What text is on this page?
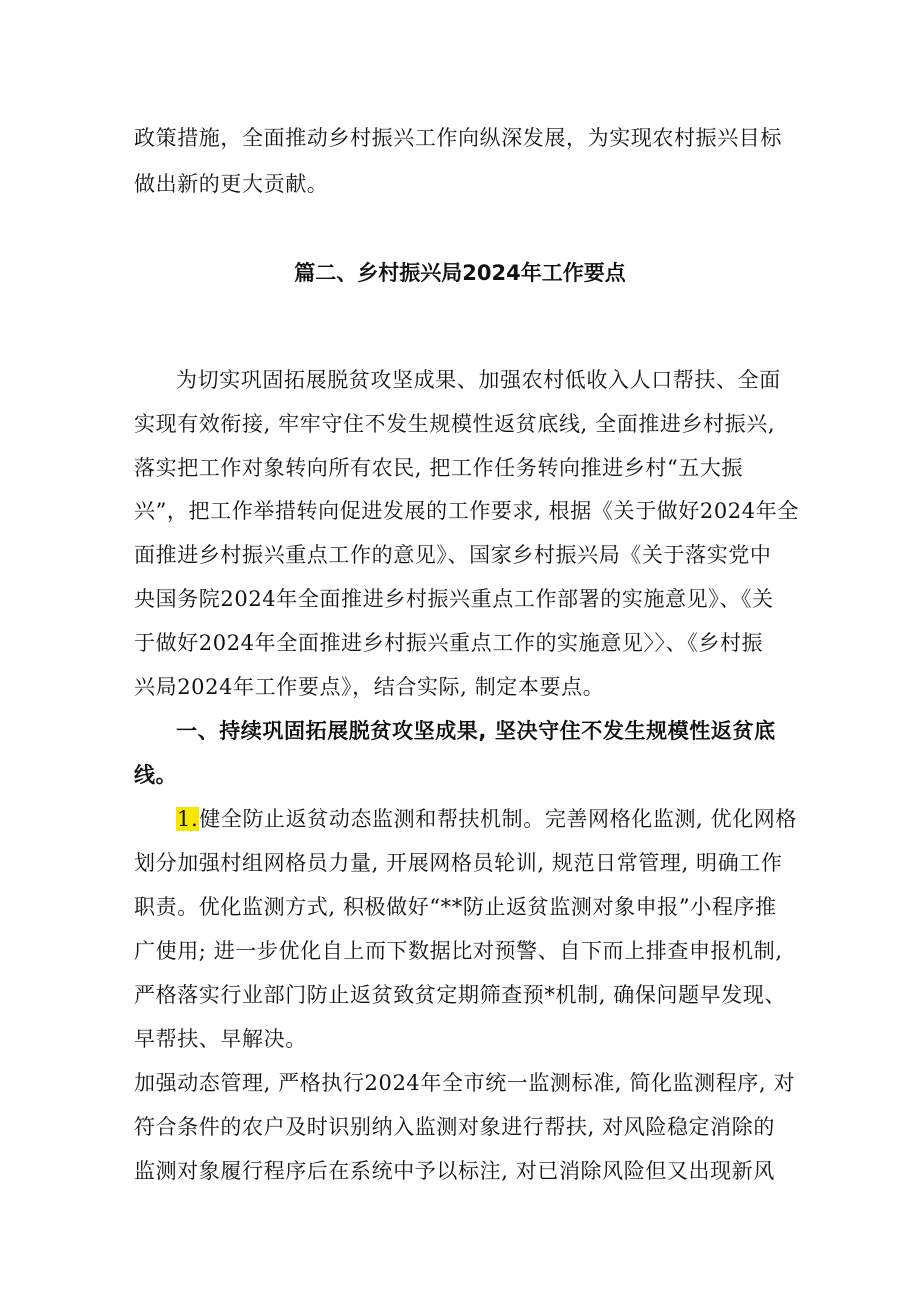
政策措施，全面推动乡村振兴工作向纵深发展，为实现农村振兴目标
做出新的更大贡献。
篇二、乡村振兴局2024年工作要点
为切实巩固拓展脱贫攻坚成果、加强农村低收入人口帮扶、全面
实现有效衔接, 牢牢守住不发生规模性返贫底线, 全面推进乡村振兴,
落实把工作对象转向所有农民, 把工作任务转向推进乡村“五大振
兴”，把工作举措转向促进发展的工作要求, 根据《关于做好2024年全
面推进乡村振兴重点工作的意见》、国家乡村振兴局《关于落实党中
央国务院2024年全面推进乡村振兴重点工作部署的实施意见》、《关
于做好2024年全面推进乡村振兴重点工作的实施意见〉〉、《乡村振
兴局2024年工作要点》，结合实际, 制定本要点。
一、持续巩固拓展脱贫攻坚成果, 坚决守住不发生规模性返贫底
线。
1.健全防止返贫动态监测和帮扶机制。完善网格化监测, 优化网格
划分加强村组网格员力量, 开展网格员轮训, 规范日常管理, 明确工作
职责。优化监测方式, 积极做好“**防止返贫监测对象申报”小程序推
广使用; 进一步优化自上而下数据比对预警、自下而上排查申报机制,
严格落实行业部门防止返贫致贫定期筛查预*机制, 确保问题早发现、
早帮扶、早解决。
加强动态管理, 严格执行2024年全市统一监测标准, 简化监测程序, 对
符合条件的农户及时识别纳入监测对象进行帮扶, 对风险稳定消除的
监测对象履行程序后在系统中予以标注, 对已消除风险但又出现新风
